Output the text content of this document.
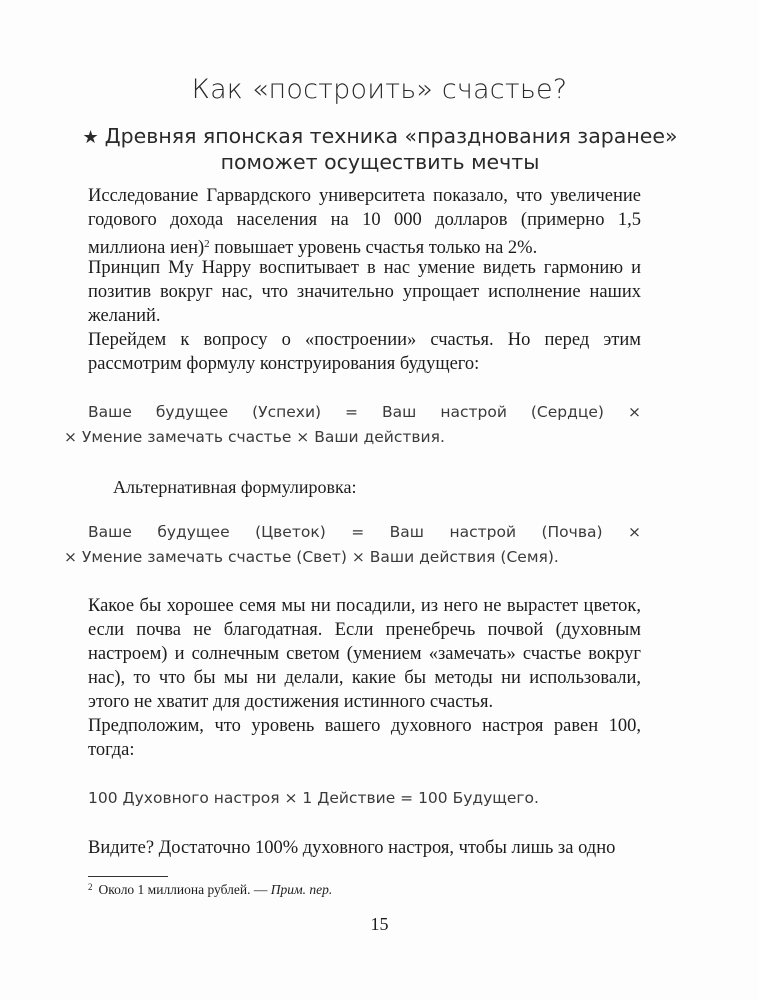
Как «построить» счастье?
★ Древняя японская техника «празднования заранее»
поможет осуществить мечты

Исследование Гарвардского университета показало, что увеличение годового дохода населения на 10 000 долларов (примерно 1,5 миллиона иен)$^2$ повышает уровень счастья только на 2%.

Принцип My Happy воспитывает в нас умение видеть гармонию и позитив вокруг нас, что значительно упрощает исполнение наших желаний.

Перейдем к вопросу о «построении» счастья. Но перед этим рассмотрим формулу конструирования будущего:

Ваше будущее (Успехи) = Ваш настрой (Сердце) ×
× Умение замечать счастье × Ваши действия.
Альтернативная формулировка:
Ваше будущее (Цветок) = Ваш настрой (Почва) ×
× Умение замечать счастье (Свет) × Ваши действия (Семя).

Какое бы хорошее семя мы ни посадили, из него не вырастет цветок, если почва не благодатная. Если пренебречь почвой (духовным настроем) и солнечным светом (умением «замечать» счастье вокруг нас), то что бы мы ни делали, какие бы методы ни использовали, этого не хватит для достижения истинного счастья.

Предположим, что уровень вашего духовного настроя равен 100, тогда:

100 Духовного настроя × 1 Действие = 100 Будущего.

Видите? Достаточно 100% духовного настроя, чтобы лишь за одно

$^2$ Около 1 миллиона рублей. — Прим. пер.
15
